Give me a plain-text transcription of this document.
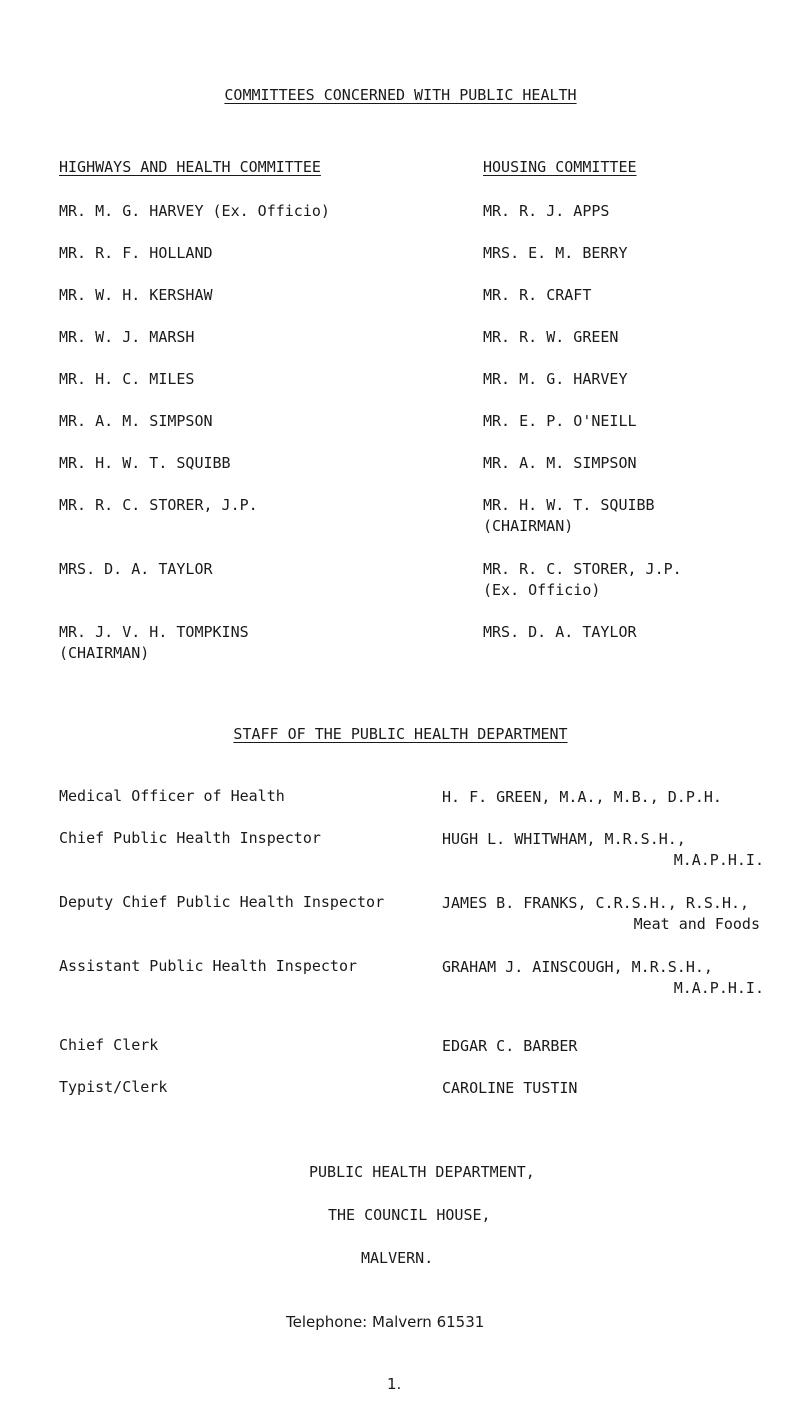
COMMITTEES CONCERNED WITH PUBLIC HEALTH
HIGHWAYS AND HEALTH COMMITTEE
MR. M. G. HARVEY (Ex. Officio)
MR. R. F. HOLLAND
MR. W. H. KERSHAW
MR. W. J. MARSH
MR. H. C. MILES
MR. A. M. SIMPSON
MR. H. W. T. SQUIBB
MR. R. C. STORER, J.P.
MRS. D. A. TAYLOR
MR. J. V. H. TOMPKINS
(CHAIRMAN)
HOUSING COMMITTEE
MR. R. J. APPS
MRS. E. M. BERRY
MR. R. CRAFT
MR. R. W. GREEN
MR. M. G. HARVEY
MR. E. P. O'NEILL
MR. A. M. SIMPSON
MR. H. W. T. SQUIBB
(CHAIRMAN)
MR. R. C. STORER, J.P.
(Ex. Officio)
MRS. D. A. TAYLOR
STAFF OF THE PUBLIC HEALTH DEPARTMENT
Medical Officer of Health	H. F. GREEN, M.A., M.B., D.P.H.
Chief Public Health Inspector	HUGH L. WHITWHAM, M.R.S.H.,
M.A.P.H.I.
Deputy Chief Public Health Inspector	JAMES B. FRANKS, C.R.S.H., R.S.H.,
Meat and Foods
Assistant Public Health Inspector	GRAHAM J. AINSCOUGH, M.R.S.H.,
M.A.P.H.I.
Chief Clerk	EDGAR C. BARBER
Typist/Clerk	CAROLINE TUSTIN
PUBLIC HEALTH DEPARTMENT,
THE COUNCIL HOUSE,
MALVERN.
Telephone: Malvern 61531
1.
